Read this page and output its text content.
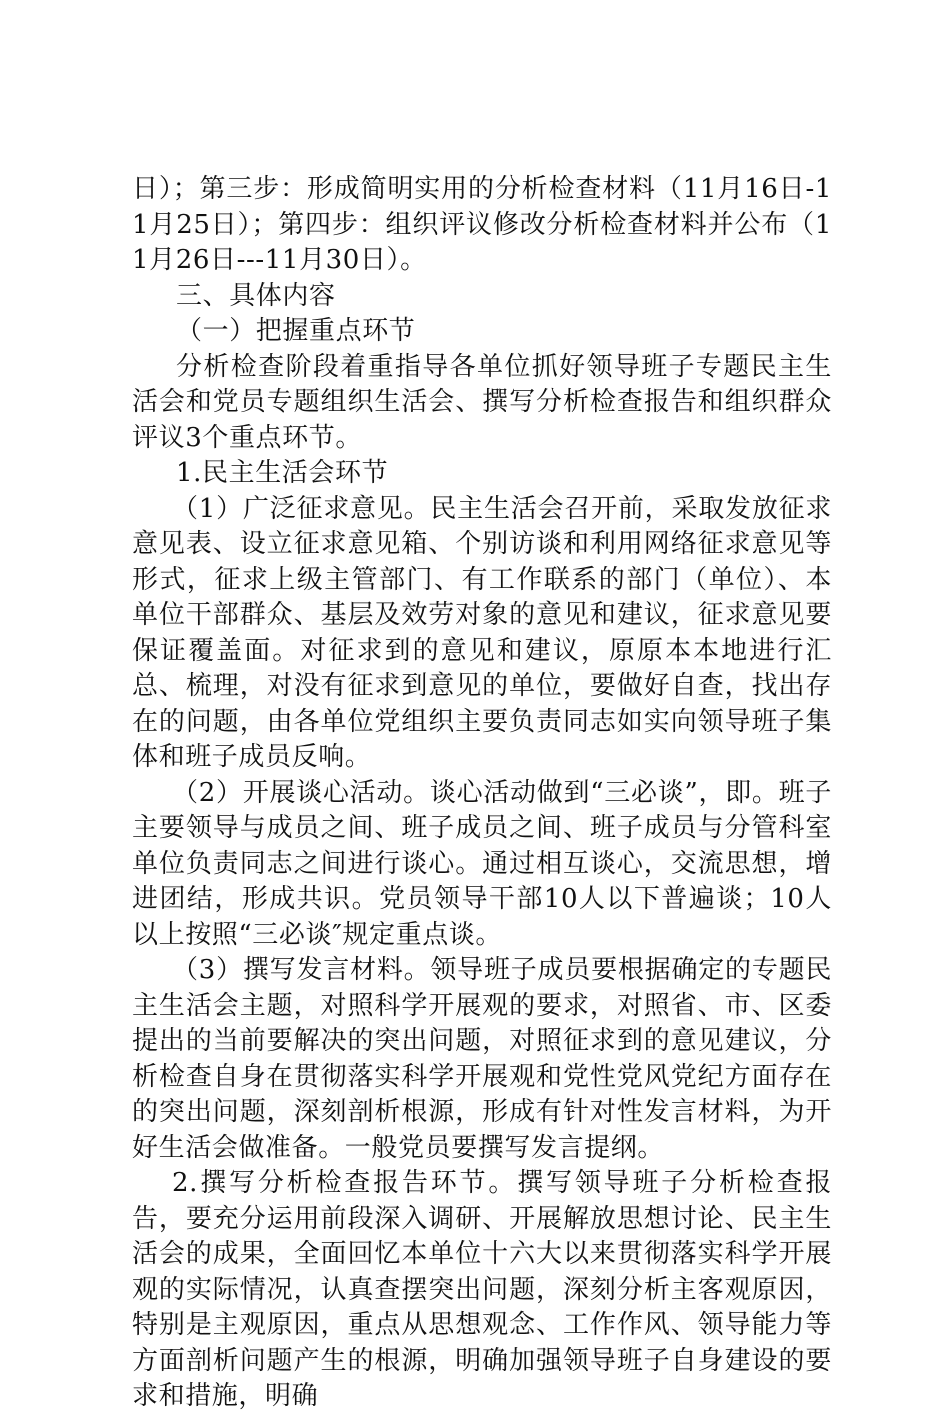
日）；第三步：形成简明实用的分析检查材料（11月16日-11月25日）；第四步：组织评议修改分析检查材料并公布（11月26日---11月30日）。

三、具体内容

（一）把握重点环节

分析检查阶段着重指导各单位抓好领导班子专题民主生活会和党员专题组织生活会、撰写分析检查报告和组织群众评议3个重点环节。

1.民主生活会环节

（1）广泛征求意见。民主生活会召开前，采取发放征求意见表、设立征求意见箱、个别访谈和利用网络征求意见等形式，征求上级主管部门、有工作联系的部门（单位）、本单位干部群众、基层及效劳对象的意见和建议，征求意见要保证覆盖面。对征求到的意见和建议，原原本本地进行汇总、梳理，对没有征求到意见的单位，要做好自查，找出存在的问题，由各单位党组织主要负责同志如实向领导班子集体和班子成员反响。

（2）开展谈心活动。谈心活动做到“三必谈”，即。班子主要领导与成员之间、班子成员之间、班子成员与分管科室单位负责同志之间进行谈心。通过相互谈心，交流思想，增进团结，形成共识。党员领导干部10人以下普遍谈；10人以上按照“三必谈″规定重点谈。

（3）撰写发言材料。领导班子成员要根据确定的专题民主生活会主题，对照科学开展观的要求，对照省、市、区委提出的当前要解决的突出问题，对照征求到的意见建议，分析检查自身在贯彻落实科学开展观和党性党风党纪方面存在的突出问题，深刻剖析根源，形成有针对性发言材料，为开好生活会做准备。一般党员要撰写发言提纲。

2.撰写分析检查报告环节。撰写领导班子分析检查报告，要充分运用前段深入调研、开展解放思想讨论、民主生活会的成果，全面回忆本单位十六大以来贯彻落实科学开展观的实际情况，认真查摆突出问题，深刻分析主客观原因，特别是主观原因，重点从思想观念、工作作风、领导能力等方面剖析问题产生的根源，明确加强领导班子自身建设的要求和措施，明确
